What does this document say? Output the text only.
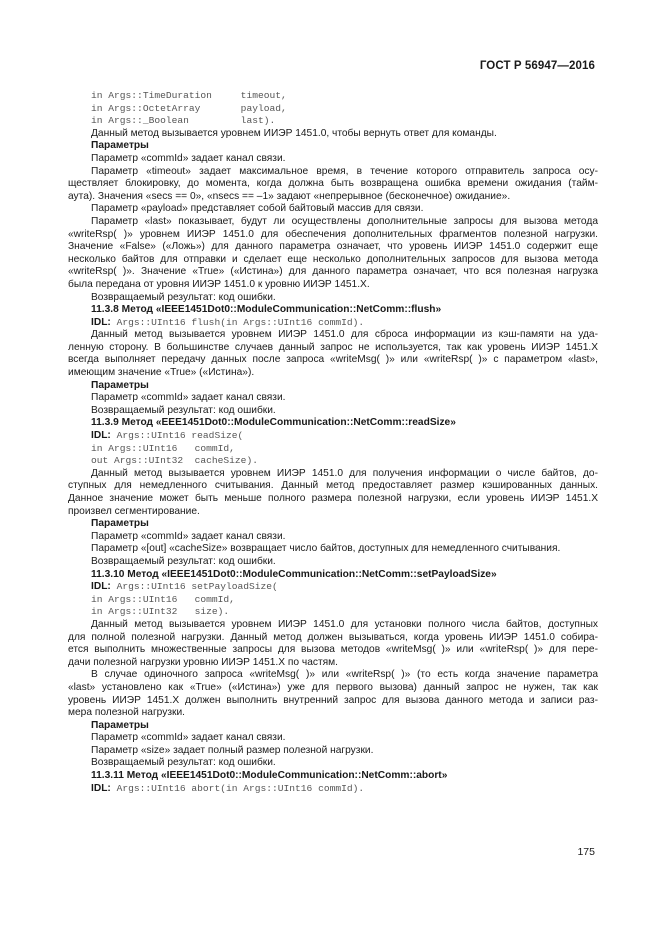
ГОСТ Р 56947—2016
in Args::TimeDuration     timeout,
in Args::OctetArray       payload,
in Args::_Boolean         last).
Данный метод вызывается уровнем ИИЭР 1451.0, чтобы вернуть ответ для команды.
Параметры
Параметр «commId» задает канал связи.
Параметр «timeout» задает максимальное время, в течение которого отправитель запроса осу-
ществляет блокировку, до момента, когда должна быть возвращена ошибка времени ожидания (тайм-
аута). Значения «secs == 0», «nsecs == –1» задают «непрерывное (бесконечное) ожидание».
Параметр «payload» представляет собой байтовый массив для связи.
Параметр «last» показывает, будут ли осуществлены дополнительные запросы для вызова метода
«writeRsp( )» уровнем ИИЭР 1451.0 для обеспечения дополнительных фрагментов полезной нагрузки.
Значение «False» («Ложь») для данного параметра означает, что уровень ИИЭР 1451.0 содержит еще
несколько байтов для отправки и сделает еще несколько дополнительных запросов для вызова метода
«writeRsp( )». Значение «True» («Истина») для данного параметра означает, что вся полезная нагрузка
была передана от уровня ИИЭР 1451.0 к уровню ИИЭР 1451.X.
Возвращаемый результат: код ошибки.
11.3.8 Метод «IEEE1451Dot0::ModuleCommunication::NetComm::flush»
IDL: Args::UInt16 flush(in Args::UInt16 commId).
Данный метод вызывается уровнем ИИЭР 1451.0 для сброса информации из кэш-памяти на уда-
ленную сторону. В большинстве случаев данный запрос не используется, так как уровень ИИЭР 1451.X
всегда выполняет передачу данных после запроса «writeMsg( )» или «writeRsp( )» с параметром «last»,
имеющим значение «True» («Истина»).
Параметры
Параметр «commId» задает канал связи.
Возвращаемый результат: код ошибки.
11.3.9 Метод «EEE1451Dot0::ModuleCommunication::NetComm::readSize»
IDL: Args::UInt16 readSize(
in Args::UInt16   commId,
out Args::UInt32  cacheSize).
Данный метод вызывается уровнем ИИЭР 1451.0 для получения информации о числе байтов, до-
ступных для немедленного считывания. Данный метод предоставляет размер кэшированных данных.
Данное значение может быть меньше полного размера полезной нагрузки, если уровень ИИЭР 1451.X
произвел сегментирование.
Параметры
Параметр «commId» задает канал связи.
Параметр «[out] «cacheSize» возвращает число байтов, доступных для немедленного считывания.
Возвращаемый результат: код ошибки.
11.3.10 Метод «IEEE1451Dot0::ModuleCommunication::NetComm::setPayloadSize»
IDL: Args::UInt16 setPayloadSize(
in Args::UInt16   commId,
in Args::UInt32   size).
Данный метод вызывается уровнем ИИЭР 1451.0 для установки полного числа байтов, доступных
для полной полезной нагрузки. Данный метод должен вызываться, когда уровень ИИЭР 1451.0 собира-
ется выполнить множественные запросы для вызова методов «writeMsg( )» или «writeRsp( )» для пере-
дачи полезной нагрузки уровню ИИЭР 1451.X по частям.
В случае одиночного запроса «writeMsg( )» или «writeRsp( )» (то есть когда значение параметра
«last» установлено как «True» («Истина») уже для первого вызова) данный запрос не нужен, так как
уровень ИИЭР 1451.X должен выполнить внутренний запрос для вызова данного метода и записи раз-
мера полезной нагрузки.
Параметры
Параметр «commId» задает канал связи.
Параметр «size» задает полный размер полезной нагрузки.
Возвращаемый результат: код ошибки.
11.3.11 Метод «IEEE1451Dot0::ModuleCommunication::NetComm::abort»
IDL: Args::UInt16 abort(in Args::UInt16 commId).
175
